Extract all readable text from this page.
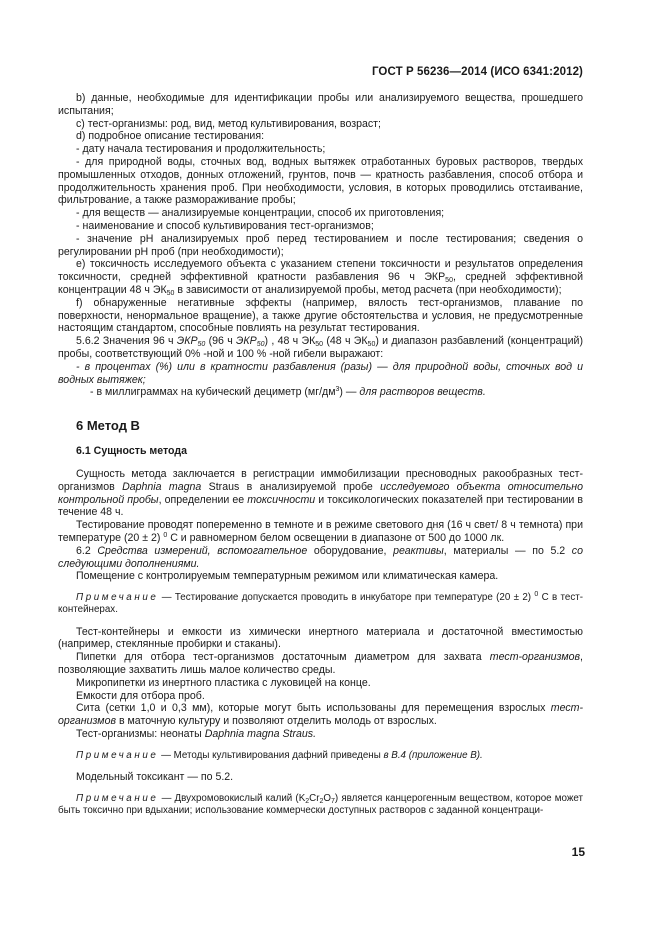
ГОСТ Р 56236—2014 (ИСО 6341:2012)

b) данные, необходимые для идентификации пробы или анализируемого вещества, прошедшего испытания;

c) тест-организмы: род, вид, метод культивирования, возраст;

d) подробное описание тестирования:

- дату начала тестирования и продолжительность;

- для природной воды, сточных вод, водных вытяжек отработанных буровых растворов, твердых промышленных отходов, донных отложений, грунтов, почв — кратность разбавления, способ отбора и продолжительность хранения проб. При необходимости, условия, в которых проводились отстаивание, фильтрование, а также размораживание пробы;

- для веществ — анализируемые концентрации, способ их приготовления;

- наименование и способ культивирования тест-организмов;

- значение pH анализируемых проб перед тестированием и после тестирования; сведения о регулировании pH проб (при необходимости);

e) токсичность исследуемого объекта с указанием степени токсичности и результатов определения токсичности, средней эффективной кратности разбавления 96 ч $ЭКР_{50}$, средней эффективной концентрации 48 ч $ЭК_{50}$ в зависимости от анализируемой пробы, метод расчета (при необходимости);

f) обнаруженные негативные эффекты (например, вялость тест-организмов, плавание по поверхности, ненормальное вращение), а также другие обстоятельства и условия, не предусмотренные настоящим стандартом, способные повлиять на результат тестирования.

5.6.2 Значения 96 ч $ЭКР_{50}$ (96 ч $ЭКР_{50}$) , 48 ч $ЭК_{50}$ (48 ч $ЭК_{50}$) и диапазон разбавлений (концентраций) пробы, соответствующий 0% -ной и 100 % -ной гибели выражают:

- в процентах (%) или в кратности разбавления (разы) — для природной воды, сточных вод и водных вытяжек;

- в миллиграммах на кубический дециметр $(мг/дм^3)$ — для растворов веществ.

6 Метод В

6.1 Сущность метода

Сущность метода заключается в регистрации иммобилизации пресноводных ракообразных тест-организмов Daphnia magna Straus в анализируемой пробе исследуемого объекта относительно контрольной пробы, определении ее токсичности и токсикологических показателей при тестировании в течение 48 ч.

Тестирование проводят попеременно в темноте и в режиме светового дня (16 ч свет/ 8 ч темнота) при температуре (20 ± 2) $^0$ С и равномерном белом освещении в диапазоне от 500 до 1000 лк.

6.2 Средства измерений, вспомогательное оборудование, реактивы, материалы — по 5.2 со следующими дополнениями.

Помещение с контролируемым температурным режимом или климатическая камера.

Примечание — Тестирование допускается проводить в инкубаторе при температуре (20 ± 2) $^0$ С в тест-контейнерах.

Тест-контейнеры и емкости из химически инертного материала и достаточной вместимостью (например, стеклянные пробирки и стаканы).

Пипетки для отбора тест-организмов достаточным диаметром для захвата тест-организмов, позволяющие захватить лишь малое количество среды.

Микропипетки из инертного пластика с луковицей на конце.

Емкости для отбора проб.

Сита (сетки 1,0 и 0,3 мм), которые могут быть использованы для перемещения взрослых тест-организмов в маточную культуру и позволяют отделить молодь от взрослых.

Тест-организмы: неонаты Daphnia magna Straus.

Примечание — Методы культивирования дафний приведены в В.4 (приложение В).

Модельный токсикант — по 5.2.

Примечание — Двухромовокислый калий $(K_2Cr_2O_7)$ является канцерогенным веществом, которое может быть токсично при вдыхании; использование коммерчески доступных растворов с заданной концентраци-

15
